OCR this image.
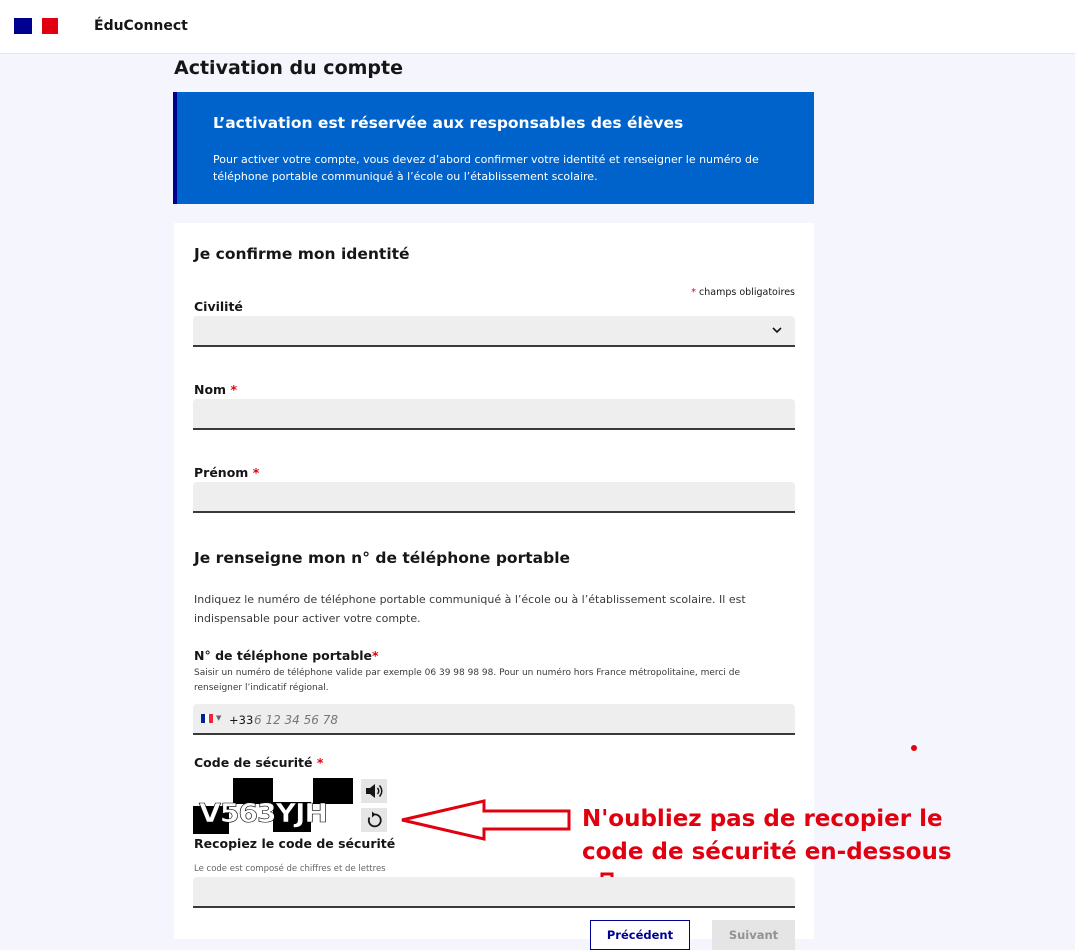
ÉduConnect
Activation du compte
L’activation est réservée aux responsables des élèves

Pour activer votre compte, vous devez d’abord confirmer votre identité et renseigner le numéro de téléphone portable communiqué à l’école ou l’établissement scolaire.

Je confirme mon identité
* champs obligatoires
Civilité
Nom *
Prénom *
Je renseigne mon n° de téléphone portable
Indiquez le numéro de téléphone portable communiqué à l’école ou à l’établissement scolaire. Il est indispensable pour activer votre compte.
N° de téléphone portable*
Saisir un numéro de téléphone valide par exemple 06 39 98 98 98. Pour un numéro hors France métropolitaine, merci de renseigner l’indicatif régional.
▼ +33 6 12 34 56 78
Code de sécurité *
V563YJH	N'oubliez pas de recopier le
code de sécurité en-dessous
Recopiez le code de sécurité
Le code est composé de chiffres et de lettres
Précédent	Suivant
